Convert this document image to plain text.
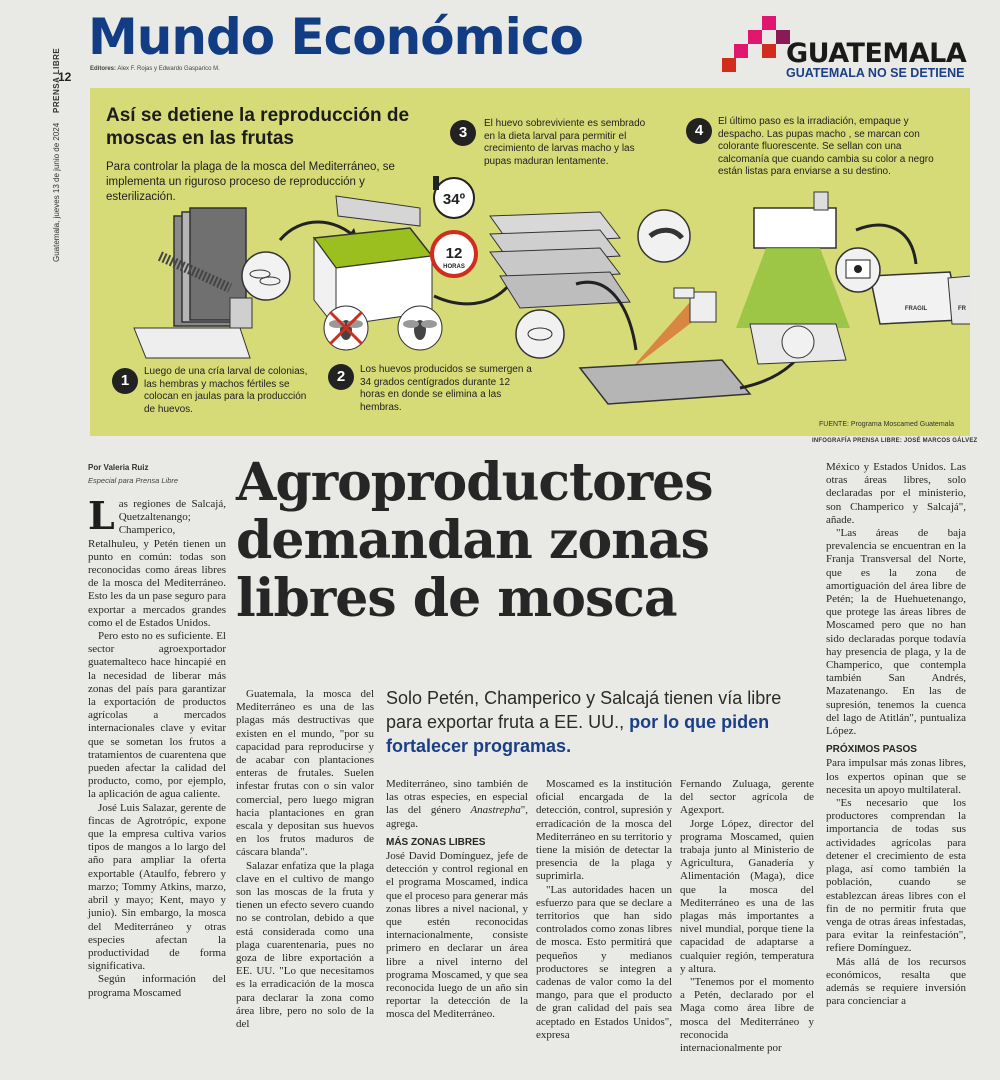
Guatemala, jueves 13 de junio de 2024 PRENSA LIBRE
12
Mundo Económico
Editores: Alex F. Rojas y Edwardo Gasparico M.	GUATEMALA
GUATEMALA NO SE DETIENE
34º
12
HORAS
FRAGIL	FR
Así se detiene la reproducción de moscas en las frutas
Para controlar la plaga de la mosca del Mediterráneo, se implementa un riguroso proceso de reproducción y esterilización.
1
Luego de una cría larval de colonias, las hembras y machos fértiles se colocan en jaulas para la producción de huevos.
2	Los huevos producidos se sumergen a 34 grados centígrados durante 12 horas en donde se elimina a las hembras.
3
El huevo sobreviviente es sembrado en la dieta larval para permitir el crecimiento de larvas macho y las pupas maduran lentamente.
4
El último paso es la irradiación, empaque y despacho. Las pupas macho , se marcan con colorante fluorescente. Se sellan con una calcomanía que cuando cambia su color a negro están listas para enviarse a su destino.
FUENTE: Programa Moscamed Guatemala
INFOGRAFÍA PRENSA LIBRE: JOSÉ MARCOS GÁLVEZ
Por Valeria Ruiz
Especial para Prensa Libre Agroproductores demandan zonas libres de mosca
Solo Petén, Champerico y Salcajá tienen vía libre para exportar fruta a EE. UU., por lo que piden fortalecer programas.

Las regiones de Salcajá, Quetzaltenango; Champerico, Retalhuleu, y Petén tienen un punto en común: todas son reconocidas como áreas libres de la mosca del Mediterráneo. Esto les da un pase seguro para exportar a mercados grandes como el de Estados Unidos.

Pero esto no es suficiente. El sector agroexportador guatemalteco hace hincapié en la necesidad de liberar más zonas del país para garantizar la exportación de productos agrícolas a mercados internacionales clave y evitar que se sometan los frutos a tratamientos de cuarentena que pueden afectar la calidad del producto, como, por ejemplo, la aplicación de agua caliente.

José Luis Salazar, gerente de fincas de Agrotrópic, expone que la empresa cultiva varios tipos de mangos a lo largo del año para ampliar la oferta exportable (Ataulfo, febrero y marzo; Tommy Atkins, marzo, abril y mayo; Kent, mayo y junio). Sin embargo, la mosca del Mediterráneo y otras especies afectan la productividad de forma significativa.

Según información del programa Moscamed

Guatemala, la mosca del Mediterráneo es una de las plagas más destructivas que existen en el mundo, "por su capacidad para reproducirse y de acabar con plantaciones enteras de frutales. Suelen infestar frutas con o sin valor comercial, pero luego migran hacia plantaciones en gran escala y depositan sus huevos en los frutos maduros de cáscara blanda".

Salazar enfatiza que la plaga clave en el cultivo de mango son las moscas de la fruta y tienen un efecto severo cuando no se controlan, debido a que está considerada como una plaga cuarentenaria, pues no goza de libre exportación a EE. UU. "Lo que necesitamos es la erradicación de la mosca para declarar la zona como área libre, pero no solo de la del

Mediterráneo, sino también de las otras especies, en especial las del género Anastrepha", agrega.

MÁS ZONAS LIBRES

José David Domínguez, jefe de detección y control regional en el programa Moscamed, indica que el proceso para generar más zonas libres a nivel nacional, y que estén reconocidas internacionalmente, consiste primero en declarar un área libre a nivel interno del programa Moscamed, y que sea reconocida luego de un año sin reportar la detección de la mosca del Mediterráneo.

Moscamed es la institución oficial encargada de la detección, control, supresión y erradicación de la mosca del Mediterráneo en su territorio y tiene la misión de detectar la presencia de la plaga y suprimirla.

"Las autoridades hacen un esfuerzo para que se declare a territorios que han sido controlados como zonas libres de mosca. Esto permitirá que pequeños y medianos productores se integren a cadenas de valor como la del mango, para que el producto de gran calidad del país sea aceptado en Estados Unidos", expresa

Fernando Zuluaga, gerente del sector agrícola de Agexport.

Jorge López, director del programa Moscamed, quien trabaja junto al Ministerio de Agricultura, Ganadería y Alimentación (Maga), dice que la mosca del Mediterráneo es una de las plagas más importantes a nivel mundial, porque tiene la capacidad de adaptarse a cualquier región, temperatura y altura.

"Tenemos por el momento a Petén, declarado por el Maga como área libre de mosca del Mediterráneo y reconocida internacionalmente por

México y Estados Unidos. Las otras áreas libres, solo declaradas por el ministerio, son Champerico y Salcajá", añade.

"Las áreas de baja prevalencia se encuentran en la Franja Transversal del Norte, que es la zona de amortiguación del área libre de Petén; la de Huehuetenango, que protege las áreas libres de Moscamed pero que no han sido declaradas porque todavía hay presencia de plaga, y la de Champerico, que contempla también San Andrés, Mazatenango. En las de supresión, tenemos la cuenca del lago de Atitlán", puntualiza López.

PRÓXIMOS PASOS

Para impulsar más zonas libres, los expertos opinan que se necesita un apoyo multilateral.

"Es necesario que los productores comprendan la importancia de todas sus actividades agrícolas para detener el crecimiento de esta plaga, así como también la población, cuando se establezcan áreas libres con el fin de no permitir fruta que venga de otras áreas infestadas, para evitar la reinfestación", refiere Domínguez.

Más allá de los recursos económicos, resalta que además se requiere inversión para concienciar a
